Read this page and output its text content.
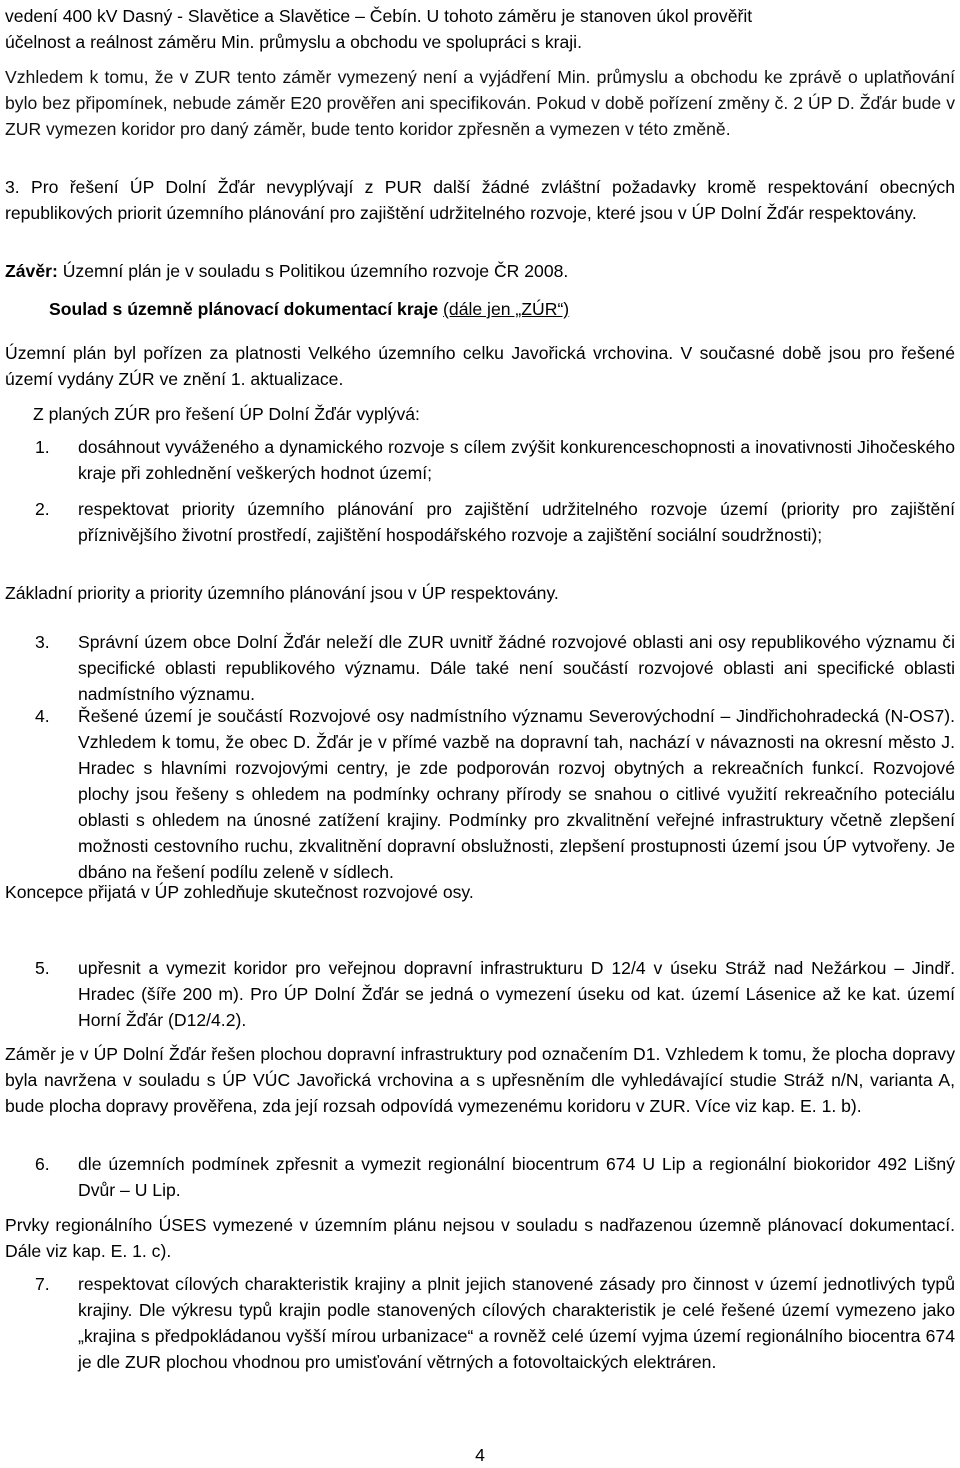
vedení 400 kV Dasný - Slavětice a Slavětice – Čebín. U tohoto záměru je stanoven úkol prověřit

účelnost a reálnost záměru Min. průmyslu a obchodu ve spolupráci s kraji.

Vzhledem k tomu, že v ZUR tento záměr vymezený není a vyjádření Min. průmyslu a obchodu ke zprávě o uplatňování bylo bez připomínek, nebude záměr E20 prověřen ani specifikován. Pokud v době pořízení změny č. 2 ÚP D. Žďár bude v ZUR vymezen koridor pro daný záměr, bude tento koridor zpřesněn a vymezen v této změně.

3. Pro řešení ÚP Dolní Žďár nevyplývají z PUR další žádné zvláštní požadavky kromě respektování obecných republikových priorit územního plánování pro zajištění udržitelného rozvoje, které jsou v ÚP Dolní Žďár respektovány.

Závěr: Územní plán je v souladu s Politikou územního rozvoje ČR 2008.

Soulad s územně plánovací dokumentací kraje (dále jen „ZÚR“)

Územní plán byl pořízen za platnosti Velkého územního celku Javořická vrchovina. V současné době jsou pro řešené území vydány ZÚR ve znění 1. aktualizace.

Z planých ZÚR pro řešení ÚP Dolní Žďár vyplývá:

1. dosáhnout vyváženého a dynamického rozvoje s cílem zvýšit konkurenceschopnosti a inovativnosti Jihočeského kraje při zohlednění veškerých hodnot území;

2. respektovat priority územního plánování pro zajištění udržitelného rozvoje území (priority pro zajištění příznivějšího životní prostředí, zajištění hospodářského rozvoje a zajištění sociální soudržnosti);

Základní priority a priority územního plánování jsou v ÚP respektovány.

3. Správní územ obce Dolní Žďár neleží dle ZUR uvnitř žádné rozvojové oblasti ani osy republikového významu či specifické oblasti republikového významu. Dále také není součástí rozvojové oblasti ani specifické oblasti nadmístního významu.

4. Řešené území je součástí Rozvojové osy nadmístního významu Severovýchodní – Jindřichohradecká (N-OS7). Vzhledem k tomu, že obec D. Žďár je v přímé vazbě na dopravní tah, nachází v návaznosti na okresní město J. Hradec s hlavními rozvojovými centry, je zde podporován rozvoj obytných a rekreačních funkcí. Rozvojové plochy jsou řešeny s ohledem na podmínky ochrany přírody se snahou o citlivé využití rekreačního poteciálu oblasti s ohledem na únosné zatížení krajiny. Podmínky pro zkvalitnění veřejné infrastruktury včetně zlepšení možnosti cestovního ruchu, zkvalitnění dopravní obslužnosti, zlepšení prostupnosti území jsou ÚP vytvořeny. Je dbáno na řešení podílu zeleně v sídlech.

Koncepce přijatá v ÚP zohledňuje skutečnost rozvojové osy.

5. upřesnit a vymezit koridor pro veřejnou dopravní infrastrukturu D 12/4 v úseku Stráž nad Nežárkou – Jindř. Hradec (šíře 200 m). Pro ÚP Dolní Žďár se jedná o vymezení úseku od kat. území Lásenice až ke kat. území Horní Žďár (D12/4.2).

Záměr je v ÚP Dolní Žďár řešen plochou dopravní infrastruktury pod označením D1. Vzhledem k tomu, že plocha dopravy byla navržena v souladu s ÚP VÚC Javořická vrchovina a s upřesněním dle vyhledávající studie Stráž n/N, varianta A, bude plocha dopravy prověřena, zda její rozsah odpovídá vymezenému koridoru v ZUR. Více viz kap. E. 1. b).

6. dle územních podmínek zpřesnit a vymezit regionální biocentrum 674 U Lip a regionální biokoridor 492 Lišný Dvůr – U Lip.

Prvky regionálního ÚSES vymezené v územním plánu nejsou v souladu s nadřazenou územně plánovací dokumentací. Dále viz kap. E. 1. c).

7. respektovat cílových charakteristik krajiny a plnit jejich stanovené zásady pro činnost v území jednotlivých typů krajiny. Dle výkresu typů krajin podle stanovených cílových charakteristik je celé řešené území vymezeno jako „krajina s předpokládanou vyšší mírou urbanizace“ a rovněž celé území vyjma území regionálního biocentra 674 je dle ZUR plochou vhodnou pro umisťování větrných a fotovoltaických elektráren.

4
